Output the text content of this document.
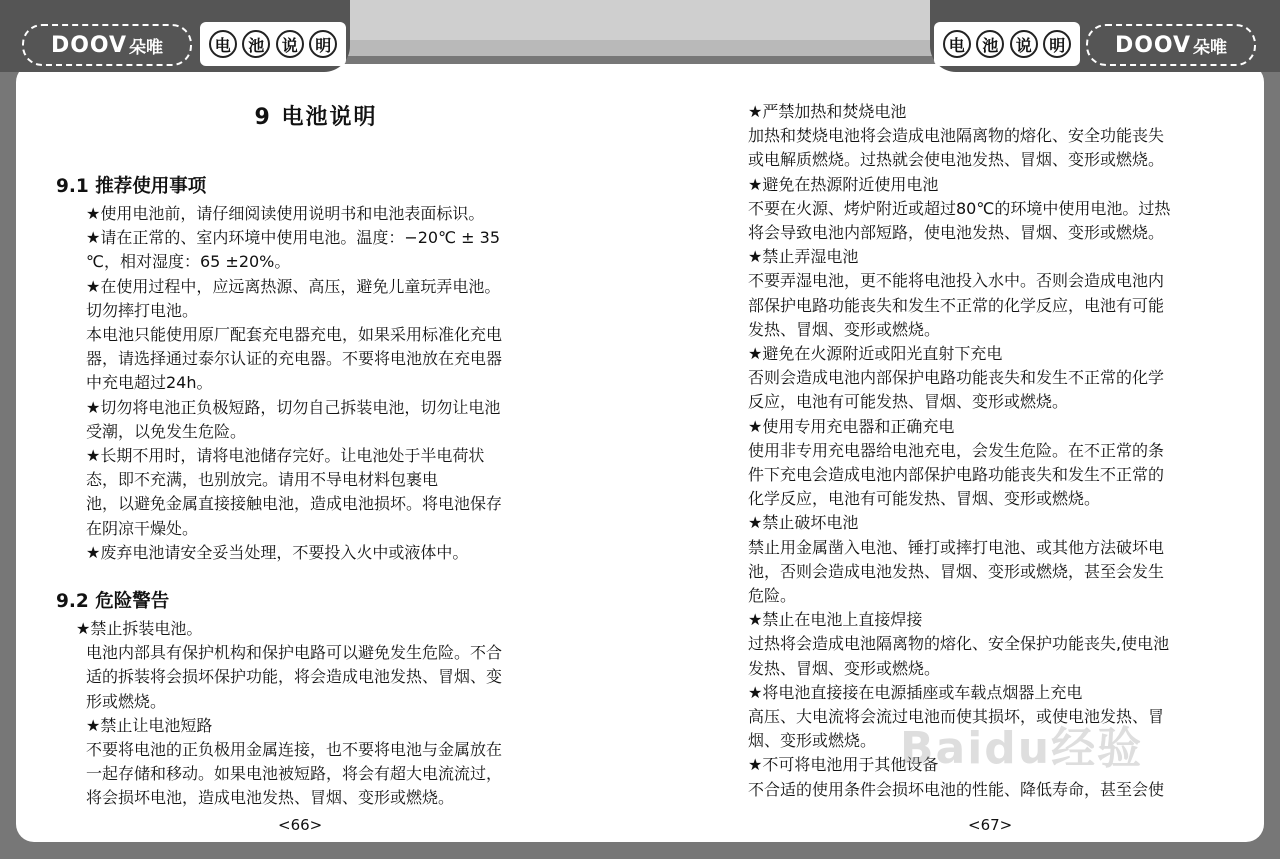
DOOV 朵唯	电	池	说	明	电	池	说	明 DOOV 朵唯
9 电池说明
9.1 推荐使用事项
★使用电池前，请仔细阅读使用说明书和电池表面标识。
★请在正常的、室内环境中使用电池。温度：−20℃ ± 35
℃，相对湿度：65 ±20%。
★在使用过程中，应远离热源、高压，避免儿童玩弄电池。
切勿摔打电池。
本电池只能使用原厂配套充电器充电，如果采用标准化充电
器，请选择通过泰尔认证的充电器。不要将电池放在充电器
中充电超过24h。
★切勿将电池正负极短路，切勿自己拆装电池，切勿让电池
受潮，以免发生危险。
★长期不用时，请将电池储存完好。让电池处于半电荷状
态，即不充满，也别放完。请用不导电材料包裹电
池，以避免金属直接接触电池，造成电池损坏。将电池保存
在阴凉干燥处。
★废弃电池请安全妥当处理，不要投入火中或液体中。
9.2 危险警告
★禁止拆装电池。
电池内部具有保护机构和保护电路可以避免发生危险。不合
适的拆装将会损坏保护功能，将会造成电池发热、冒烟、变
形或燃烧。
★禁止让电池短路
不要将电池的正负极用金属连接，也不要将电池与金属放在
一起存储和移动。如果电池被短路，将会有超大电流流过，
将会损坏电池，造成电池发热、冒烟、变形或燃烧。
<66>
★严禁加热和焚烧电池
加热和焚烧电池将会造成电池隔离物的熔化、安全功能丧失
或电解质燃烧。过热就会使电池发热、冒烟、变形或燃烧。
★避免在热源附近使用电池
不要在火源、烤炉附近或超过80℃的环境中使用电池。过热
将会导致电池内部短路，使电池发热、冒烟、变形或燃烧。
★禁止弄湿电池
不要弄湿电池，更不能将电池投入水中。否则会造成电池内
部保护电路功能丧失和发生不正常的化学反应，电池有可能
发热、冒烟、变形或燃烧。
★避免在火源附近或阳光直射下充电
否则会造成电池内部保护电路功能丧失和发生不正常的化学
反应，电池有可能发热、冒烟、变形或燃烧。
★使用专用充电器和正确充电
使用非专用充电器给电池充电，会发生危险。在不正常的条
件下充电会造成电池内部保护电路功能丧失和发生不正常的
化学反应，电池有可能发热、冒烟、变形或燃烧。
★禁止破坏电池
禁止用金属凿入电池、锤打或摔打电池、或其他方法破坏电
池，否则会造成电池发热、冒烟、变形或燃烧，甚至会发生
危险。
★禁止在电池上直接焊接
过热将会造成电池隔离物的熔化、安全保护功能丧失,使电池
发热、冒烟、变形或燃烧。
★将电池直接接在电源插座或车载点烟器上充电
高压、大电流将会流过电池而使其损坏，或使电池发热、冒
烟、变形或燃烧。
★不可将电池用于其他设备
不合适的使用条件会损坏电池的性能、降低寿命，甚至会使
<67>
Baidu经验
